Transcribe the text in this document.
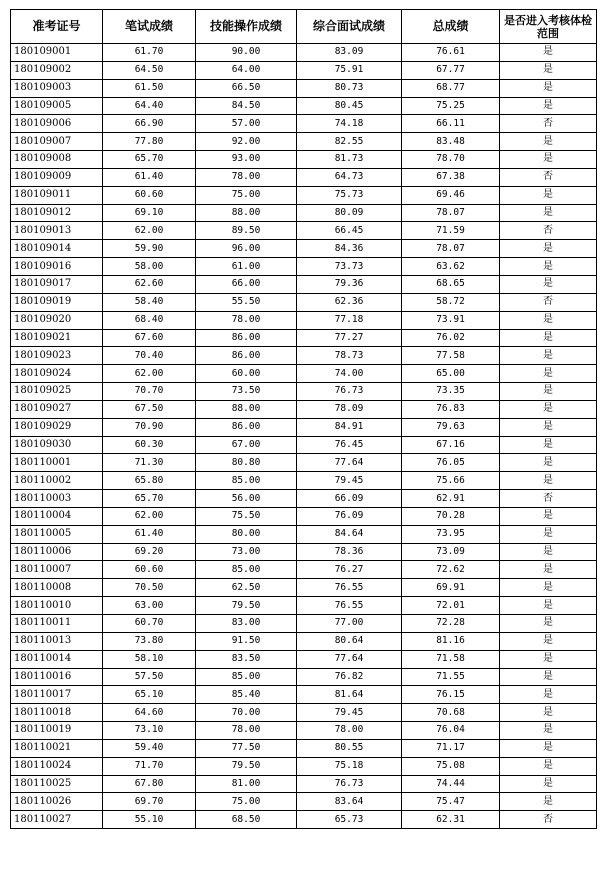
准考证号	笔试成绩	技能操作成绩	综合面试成绩	总成绩	是否进入考核体检范围
180109001	61.70	90.00	83.09	76.61	是
180109002	64.50	64.00	75.91	67.77	是
180109003	61.50	66.50	80.73	68.77	是
180109005	64.40	84.50	80.45	75.25	是
180109006	66.90	57.00	74.18	66.11	否
180109007	77.80	92.00	82.55	83.48	是
180109008	65.70	93.00	81.73	78.70	是
180109009	61.40	78.00	64.73	67.38	否
180109011	60.60	75.00	75.73	69.46	是
180109012	69.10	88.00	80.09	78.07	是
180109013	62.00	89.50	66.45	71.59	否
180109014	59.90	96.00	84.36	78.07	是
180109016	58.00	61.00	73.73	63.62	是
180109017	62.60	66.00	79.36	68.65	是
180109019	58.40	55.50	62.36	58.72	否
180109020	68.40	78.00	77.18	73.91	是
180109021	67.60	86.00	77.27	76.02	是
180109023	70.40	86.00	78.73	77.58	是
180109024	62.00	60.00	74.00	65.00	是
180109025	70.70	73.50	76.73	73.35	是
180109027	67.50	88.00	78.09	76.83	是
180109029	70.90	86.00	84.91	79.63	是
180109030	60.30	67.00	76.45	67.16	是
180110001	71.30	80.80	77.64	76.05	是
180110002	65.80	85.00	79.45	75.66	是
180110003	65.70	56.00	66.09	62.91	否
180110004	62.00	75.50	76.09	70.28	是
180110005	61.40	80.00	84.64	73.95	是
180110006	69.20	73.00	78.36	73.09	是
180110007	60.60	85.00	76.27	72.62	是
180110008	70.50	62.50	76.55	69.91	是
180110010	63.00	79.50	76.55	72.01	是
180110011	60.70	83.00	77.00	72.28	是
180110013	73.80	91.50	80.64	81.16	是
180110014	58.10	83.50	77.64	71.58	是
180110016	57.50	85.00	76.82	71.55	是
180110017	65.10	85.40	81.64	76.15	是
180110018	64.60	70.00	79.45	70.68	是
180110019	73.10	78.00	78.00	76.04	是
180110021	59.40	77.50	80.55	71.17	是
180110024	71.70	79.50	75.18	75.08	是
180110025	67.80	81.00	76.73	74.44	是
180110026	69.70	75.00	83.64	75.47	是
180110027	55.10	68.50	65.73	62.31	否
